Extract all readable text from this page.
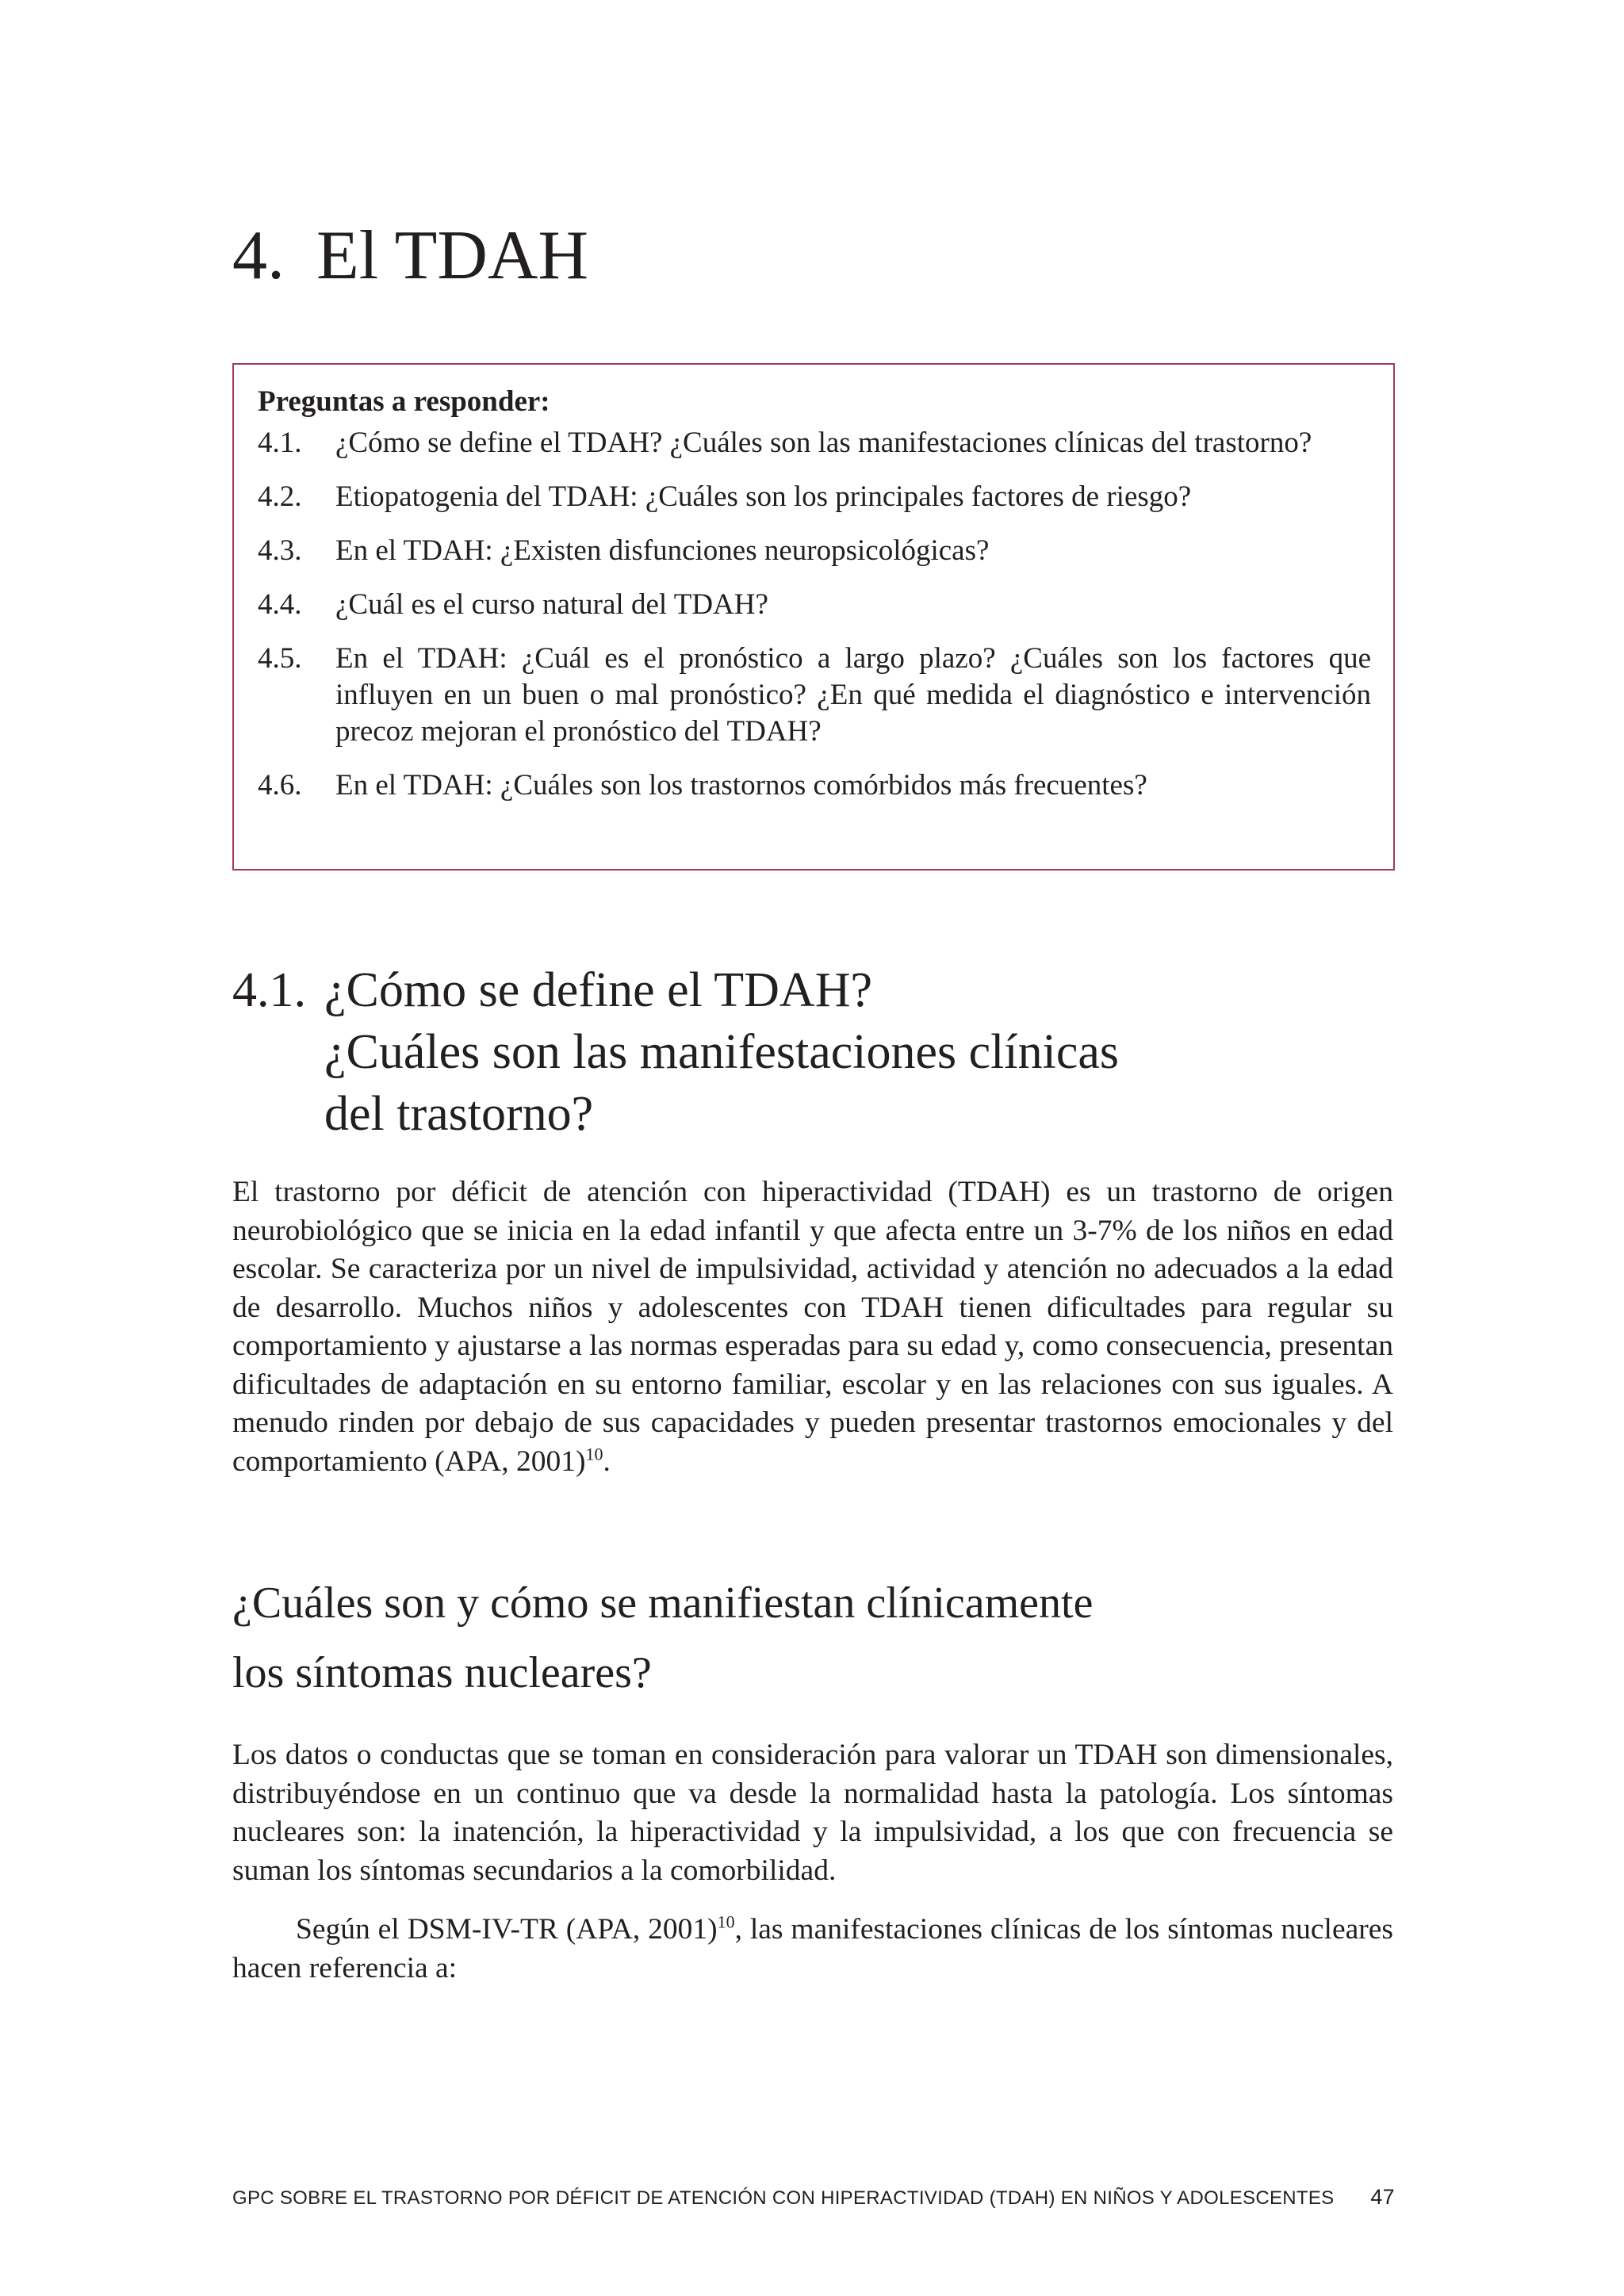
4. El TDAH

Preguntas a responder:

4.1.	¿Cómo se define el TDAH? ¿Cuáles son las manifestaciones clínicas del trastorno?
4.2.	Etiopatogenia del TDAH: ¿Cuáles son los principales factores de riesgo?
4.3.	En el TDAH: ¿Existen disfunciones neuropsicológicas?
4.4.	¿Cuál es el curso natural del TDAH?
4.5.	En el TDAH: ¿Cuál es el pronóstico a largo plazo? ¿Cuáles son los factores que influyen en un buen o mal pronóstico? ¿En qué medida el diagnóstico e intervención precoz mejoran el pronóstico del TDAH?
4.6.	En el TDAH: ¿Cuáles son los trastornos comórbidos más frecuentes?
4.1. ¿Cómo se define el TDAH?
¿Cuáles son las manifestaciones clínicas
del trastorno?

El trastorno por déficit de atención con hiperactividad (TDAH) es un trastorno de origen neurobiológico que se inicia en la edad infantil y que afecta entre un 3-7% de los niños en edad escolar. Se caracteriza por un nivel de impulsividad, actividad y atención no adecuados a la edad de desarrollo. Muchos niños y adolescentes con TDAH tienen dificultades para regular su comportamiento y ajustarse a las normas esperadas para su edad y, como consecuencia, presentan dificultades de adaptación en su entorno familiar, escolar y en las relaciones con sus iguales. A menudo rinden por debajo de sus capacidades y pueden presentar trastornos emocionales y del comportamiento (APA, 2001)$^{10}$.

¿Cuáles son y cómo se manifiestan clínicamente
los síntomas nucleares?

Los datos o conductas que se toman en consideración para valorar un TDAH son dimensionales, distribuyéndose en un continuo que va desde la normalidad hasta la patología. Los síntomas nucleares son: la inatención, la hiperactividad y la impulsividad, a los que con frecuencia se suman los síntomas secundarios a la comorbilidad.

Según el DSM-IV-TR (APA, 2001)$^{10}$, las manifestaciones clínicas de los síntomas nucleares hacen referencia a:

GPC SOBRE EL TRASTORNO POR DÉFICIT DE ATENCIÓN CON HIPERACTIVIDAD (TDAH) EN NIÑOS Y ADOLESCENTES 47
